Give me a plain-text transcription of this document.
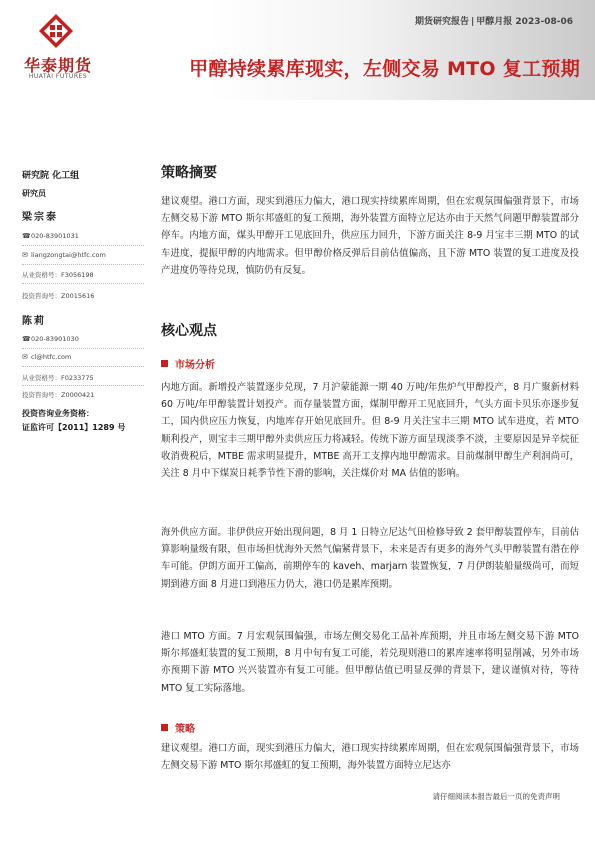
华泰期货
HUATAI FUTURES
期货研究报告 | 甲醇月报 2023-08-06
甲醇持续累库现实，左侧交易 MTO 复工预期
研究院 化工组
研究员
梁宗泰
☎020-83901031
✉ liangzongtai@htfc.com
从业资格号：F3056198
投资咨询号：Z0015616
陈莉
☎020-83901030
✉ cl@htfc.com
从业资格号：F0233775
投资咨询号：Z0000421
投资咨询业务资格：
证监许可【2011】1289 号
策略摘要
建议观望。港口方面，现实到港压力偏大，港口现实持续累库周期，但在宏观氛围偏强背景下，市场左侧交易下游 MTO 斯尔邦盛虹的复工预期，海外装置方面特立尼达亦由于天然气问题甲醇装置部分停车。内地方面，煤头甲醇开工见底回升，供应压力回升，下游方面关注 8-9 月宝丰三期 MTO 的试车进度，提振甲醇的内地需求。但甲醇价格反弹后目前估值偏高，且下游 MTO 装置的复工进度及投产进度仍等待兑现，慎防仍有反复。
核心观点
市场分析
内地方面。新增投产装置逐步兑现，7 月沪蒙能源一期 40 万吨/年焦炉气甲醇投产，8 月广聚新材料 60 万吨/年甲醇装置计划投产。而存量装置方面，煤制甲醇开工见底回升，气头方面卡贝乐亦逐步复工，国内供应压力恢复，内地库存开始见底回升。但 8-9 月关注宝丰三期 MTO 试车进度，若 MTO 顺利投产，则宝丰三期甲醇外卖供应压力将减轻。传统下游方面呈现淡季不淡，主要原因是异辛烷征收消费税后，MTBE 需求明显提升，MTBE 高开工支撑内地甲醇需求。目前煤制甲醇生产利润尚可，关注 8 月中下煤炭日耗季节性下滑的影响，关注煤价对 MA 估值的影响。
海外供应方面。非伊供应开始出现问题，8 月 1 日特立尼达气田检修导致 2 套甲醇装置停车，目前估算影响量级有限，但市场担忧海外天然气偏紧背景下，未来是否有更多的海外气头甲醇装置有潜在停车可能。伊朗方面开工偏高，前期停车的 kaveh、marjarn 装置恢复，7 月伊朗装船量级尚可，而短期到港方面 8 月进口到港压力仍大，港口仍是累库预期。
港口 MTO 方面。7 月宏观氛围偏强，市场左侧交易化工品补库预期，并且市场左侧交易下游 MTO 斯尔邦盛虹装置的复工预期，8 月中旬有复工可能，若兑现则港口的累库速率将明显削减，另外市场亦预期下游 MTO 兴兴装置亦有复工可能。但甲醇估值已明显反弹的背景下，建议谨慎对待，等待 MTO 复工实际落地。
策略
建议观望。港口方面，现实到港压力偏大，港口现实持续累库周期，但在宏观氛围偏强背景下，市场左侧交易下游 MTO 斯尔邦盛虹的复工预期，海外装置方面特立尼达亦
请仔细阅读本报告最后一页的免责声明
